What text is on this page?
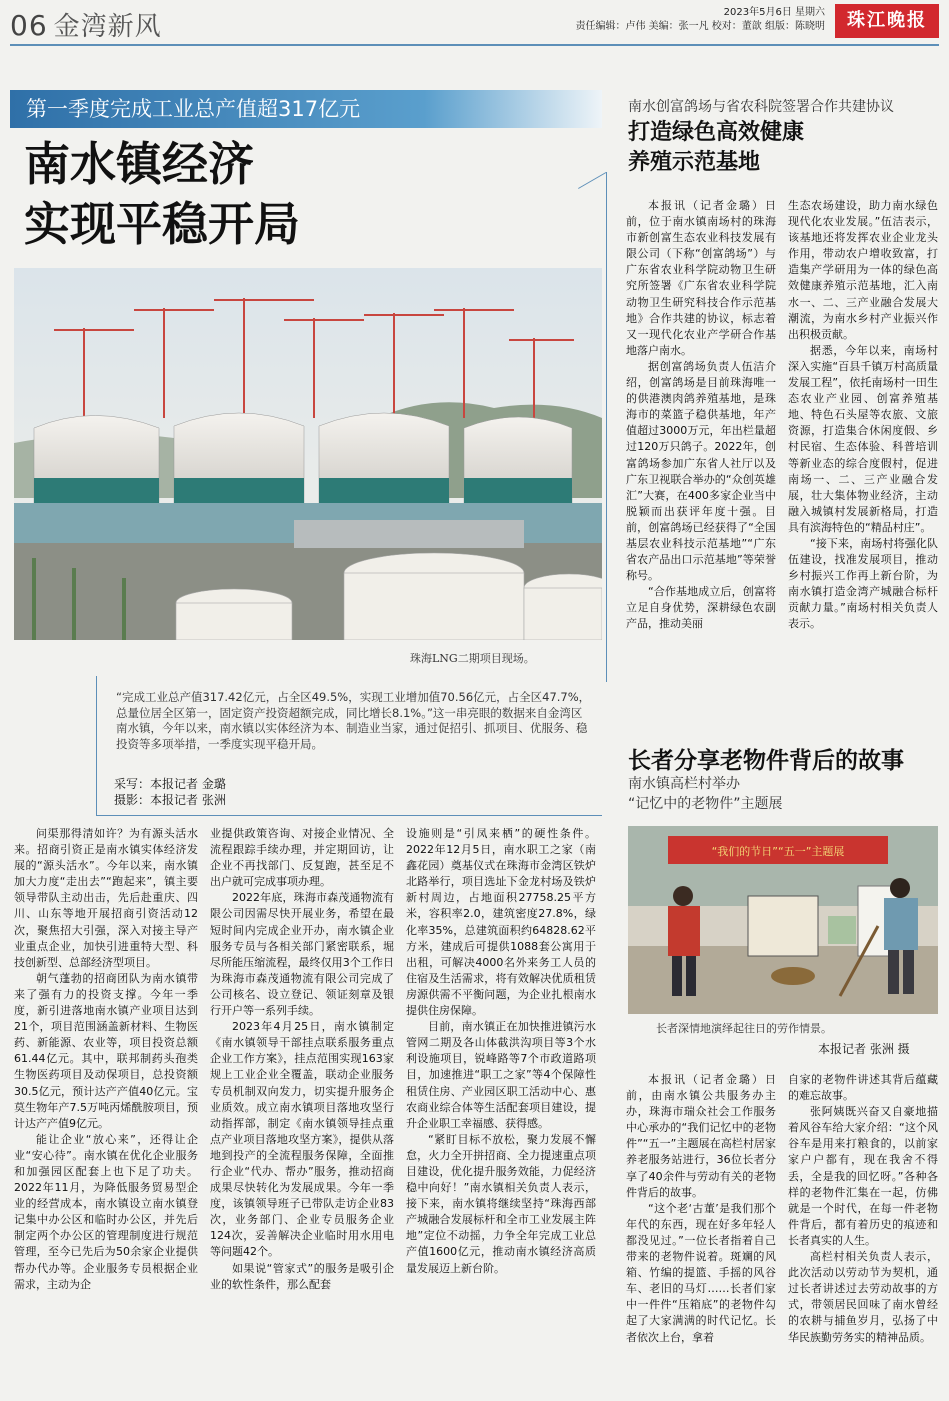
06 金湾新风	2023年5月6日 星期六
责任编辑：卢伟 美编：张一凡 校对：董歆 组版：陈晓明	珠江晚报
第一季度完成工业总产值超317亿元
南水镇经济
实现平稳开局
珠海LNG二期项目现场。
“完成工业总产值317.42亿元，占全区49.5%，实现工业增加值70.56亿元，占全区47.7%，总量位居全区第一，固定资产投资超额完成，同比增长8.1%。”这一串亮眼的数据来自金湾区南水镇，今年以来，南水镇以实体经济为本、制造业当家，通过促招引、抓项目、优服务、稳投资等多项举措，一季度实现平稳开局。
采写：本报记者 金璐
摄影：本报记者 张洲

问渠那得清如许？为有源头活水来。招商引资正是南水镇实体经济发展的“源头活水”。今年以来，南水镇加大力度“走出去”“跑起来”，镇主要领导带队主动出击，先后赴重庆、四川、山东等地开展招商引资活动12次，聚焦招大引强，深入对接主导产业重点企业，加快引进重特大型、科技创新型、总部经济型项目。

朝气蓬勃的招商团队为南水镇带来了强有力的投资支撑。今年一季度，新引进落地南水镇产业项目达到21个，项目范围涵盖新材料、生物医药、新能源、农业等，项目投资总额61.44亿元。其中，联邦制药头孢类生物医药项目及动保项目，总投资额30.5亿元，预计达产产值40亿元。宝莫生物年产7.5万吨丙烯酰胺项目，预计达产产值9亿元。

能让企业“放心来”，还得让企业“安心待”。南水镇在优化企业服务和加强园区配套上也下足了功夫。2022年11月，为降低服务贸易型企业的经营成本，南水镇设立南水镇登记集中办公区和临时办公区，并先后制定两个办公区的管理制度进行规范管理，至今已先后为50余家企业提供帮办代办等。企业服务专员根据企业需求，主动为企

业提供政策咨询、对接企业情况、全流程跟踪手续办理，并定期回访，让企业不再找部门、反复跑，甚至足不出户就可完成事项办理。

2022年底，珠海市森茂通物流有限公司因需尽快开展业务，希望在最短时间内完成企业开办，南水镇企业服务专员与各相关部门紧密联系，堀尽所能压缩流程，最终仅用3个工作日为珠海市森茂通物流有限公司完成了公司核名、设立登记、领证刻章及银行开户等一系列手续。

2023年4月25日，南水镇制定《南水镇领导干部挂点联系服务重点企业工作方案》，挂点范围实现163家规上工业企业全覆盖，联动企业服务专员机制双向发力，切实提升服务企业质效。成立南水镇项目落地攻坚行动指挥部，制定《南水镇领导挂点重点产业项目落地攻坚方案》，提供从落地到投产的全流程服务保障，全面推行企业“代办、帮办”服务，推动招商成果尽快转化为发展成果。今年一季度，该镇领导班子已带队走访企业83次，业务部门、企业专员服务企业124次，妥善解决企业临时用水用电等问题42个。

如果说“管家式”的服务是吸引企业的软性条件，那么配套

设施则是“引凤来栖”的硬性条件。2022年12月5日，南水职工之家（南鑫花园）奠基仪式在珠海市金湾区铁炉北路举行，项目选址下金龙村场及铁炉新村周边，占地面积27758.25平方米，容积率2.0，建筑密度27.8%，绿化率35%，总建筑面积约64828.62平方米，建成后可提供1088套公寓用于出租，可解决4000名外来务工人员的住宿及生活需求，将有效解决优质租赁房源供需不平衡问题，为企业扎根南水提供住房保障。

目前，南水镇正在加快推进镇污水管网二期及各山体截洪沟项目等3个水利设施项目，锐峰路等7个市政道路项目，加速推进“职工之家”等4个保障性租赁住房、产业园区职工活动中心、惠农商业综合体等生活配套项目建设，提升企业职工幸福感、获得感。

“紧盯目标不放松，聚力发展不懈怠，火力全开拼招商、全力提速重点项目建设，优化提升服务效能，力促经济稳中向好！”南水镇相关负责人表示，接下来，南水镇将继续坚持“珠海西部产城融合发展标杆和全市工业发展主阵地”定位不动摇，力争全年完成工业总产值1600亿元，推动南水镇经济高质量发展迈上新台阶。

南水创富鸽场与省农科院签署合作共建协议
打造绿色高效健康
养殖示范基地

本报讯（记者金璐）日前，位于南水镇南场村的珠海市新创富生态农业科技发展有限公司（下称“创富鸽场”）与广东省农业科学院动物卫生研究所签署《广东省农业科学院动物卫生研究科技合作示范基地》合作共建的协议，标志着又一现代化农业产学研合作基地落户南水。

据创富鸽场负责人伍洁介绍，创富鸽场是目前珠海唯一的供港澳肉鸽养殖基地，是珠海市的菜篮子稳供基地，年产值超过3000万元，年出栏量超过120万只鸽子。2022年，创富鸽场参加广东省人社厅以及广东卫视联合举办的“众创英雄汇”大赛，在400多家企业当中脱颖而出获评年度十强。目前，创富鸽场已经获得了“全国基层农业科技示范基地”“广东省农产品出口示范基地”等荣誉称号。

“合作基地成立后，创富将立足自身优势，深耕绿色农副产品，推动美丽

生态农场建设，助力南水绿色现代化农业发展。”伍洁表示，该基地还将发挥农业企业龙头作用，带动农户增收致富，打造集产学研用为一体的绿色高效健康养殖示范基地，汇入南水一、二、三产业融合发展大潮流，为南水乡村产业振兴作出积极贡献。

据悉，今年以来，南场村深入实施“百县千镇万村高质量发展工程”，依托南场村一田生态农业产业园、创富养殖基地、特色石头屋等农旅、文旅资源，打造集合休闲度假、乡村民宿、生态体验、科普培训等新业态的综合度假村，促进南场一、二、三产业融合发展，壮大集体物业经济，主动融入城镇村发展新格局，打造具有滨海特色的“精品村庄”。

“接下来，南场村将强化队伍建设，找准发展项目，推动乡村振兴工作再上新台阶，为南水镇打造金湾产城融合标杆贡献力量。”南场村相关负责人表示。

长者分享老物件背后的故事
南水镇高栏村举办
“记忆中的老物件”主题展
“我们的节日”“五一”主题展
长者深情地演绎起往日的劳作情景。
本报记者 张洲 摄

本报讯（记者金璐）日前，由南水镇公共服务办主办，珠海市瑞众社会工作服务中心承办的“我们记忆中的老物件”“五一”主题展在高栏村居家养老服务站进行，36位长者分享了40余件与劳动有关的老物件背后的故事。

“这个老‘古董’是我们那个年代的东西，现在好多年轻人都没见过。”一位长者指着自己带来的老物件说着。斑斓的风箱、竹编的提篮、手摇的风谷车、老旧的马灯……长者们家中一件件“压箱底”的老物件勾起了大家满满的时代记忆。长者依次上台，拿着

自家的老物件讲述其背后蕴藏的难忘故事。

张阿姨既兴奋又自豪地描着风谷车给大家介绍：“这个风谷车是用来打粮食的，以前家家户户都有，现在我舍不得丢，全是我的回忆呀。”各种各样的老物件汇集在一起，仿佛就是一个时代，在每一件老物件背后，都有着历史的痕迹和长者真实的人生。

高栏村相关负责人表示，此次活动以劳动节为契机，通过长者讲述过去劳动故事的方式，带领居民回味了南水曾经的农耕与捕鱼岁月，弘扬了中华民族勤劳务实的精神品质。
